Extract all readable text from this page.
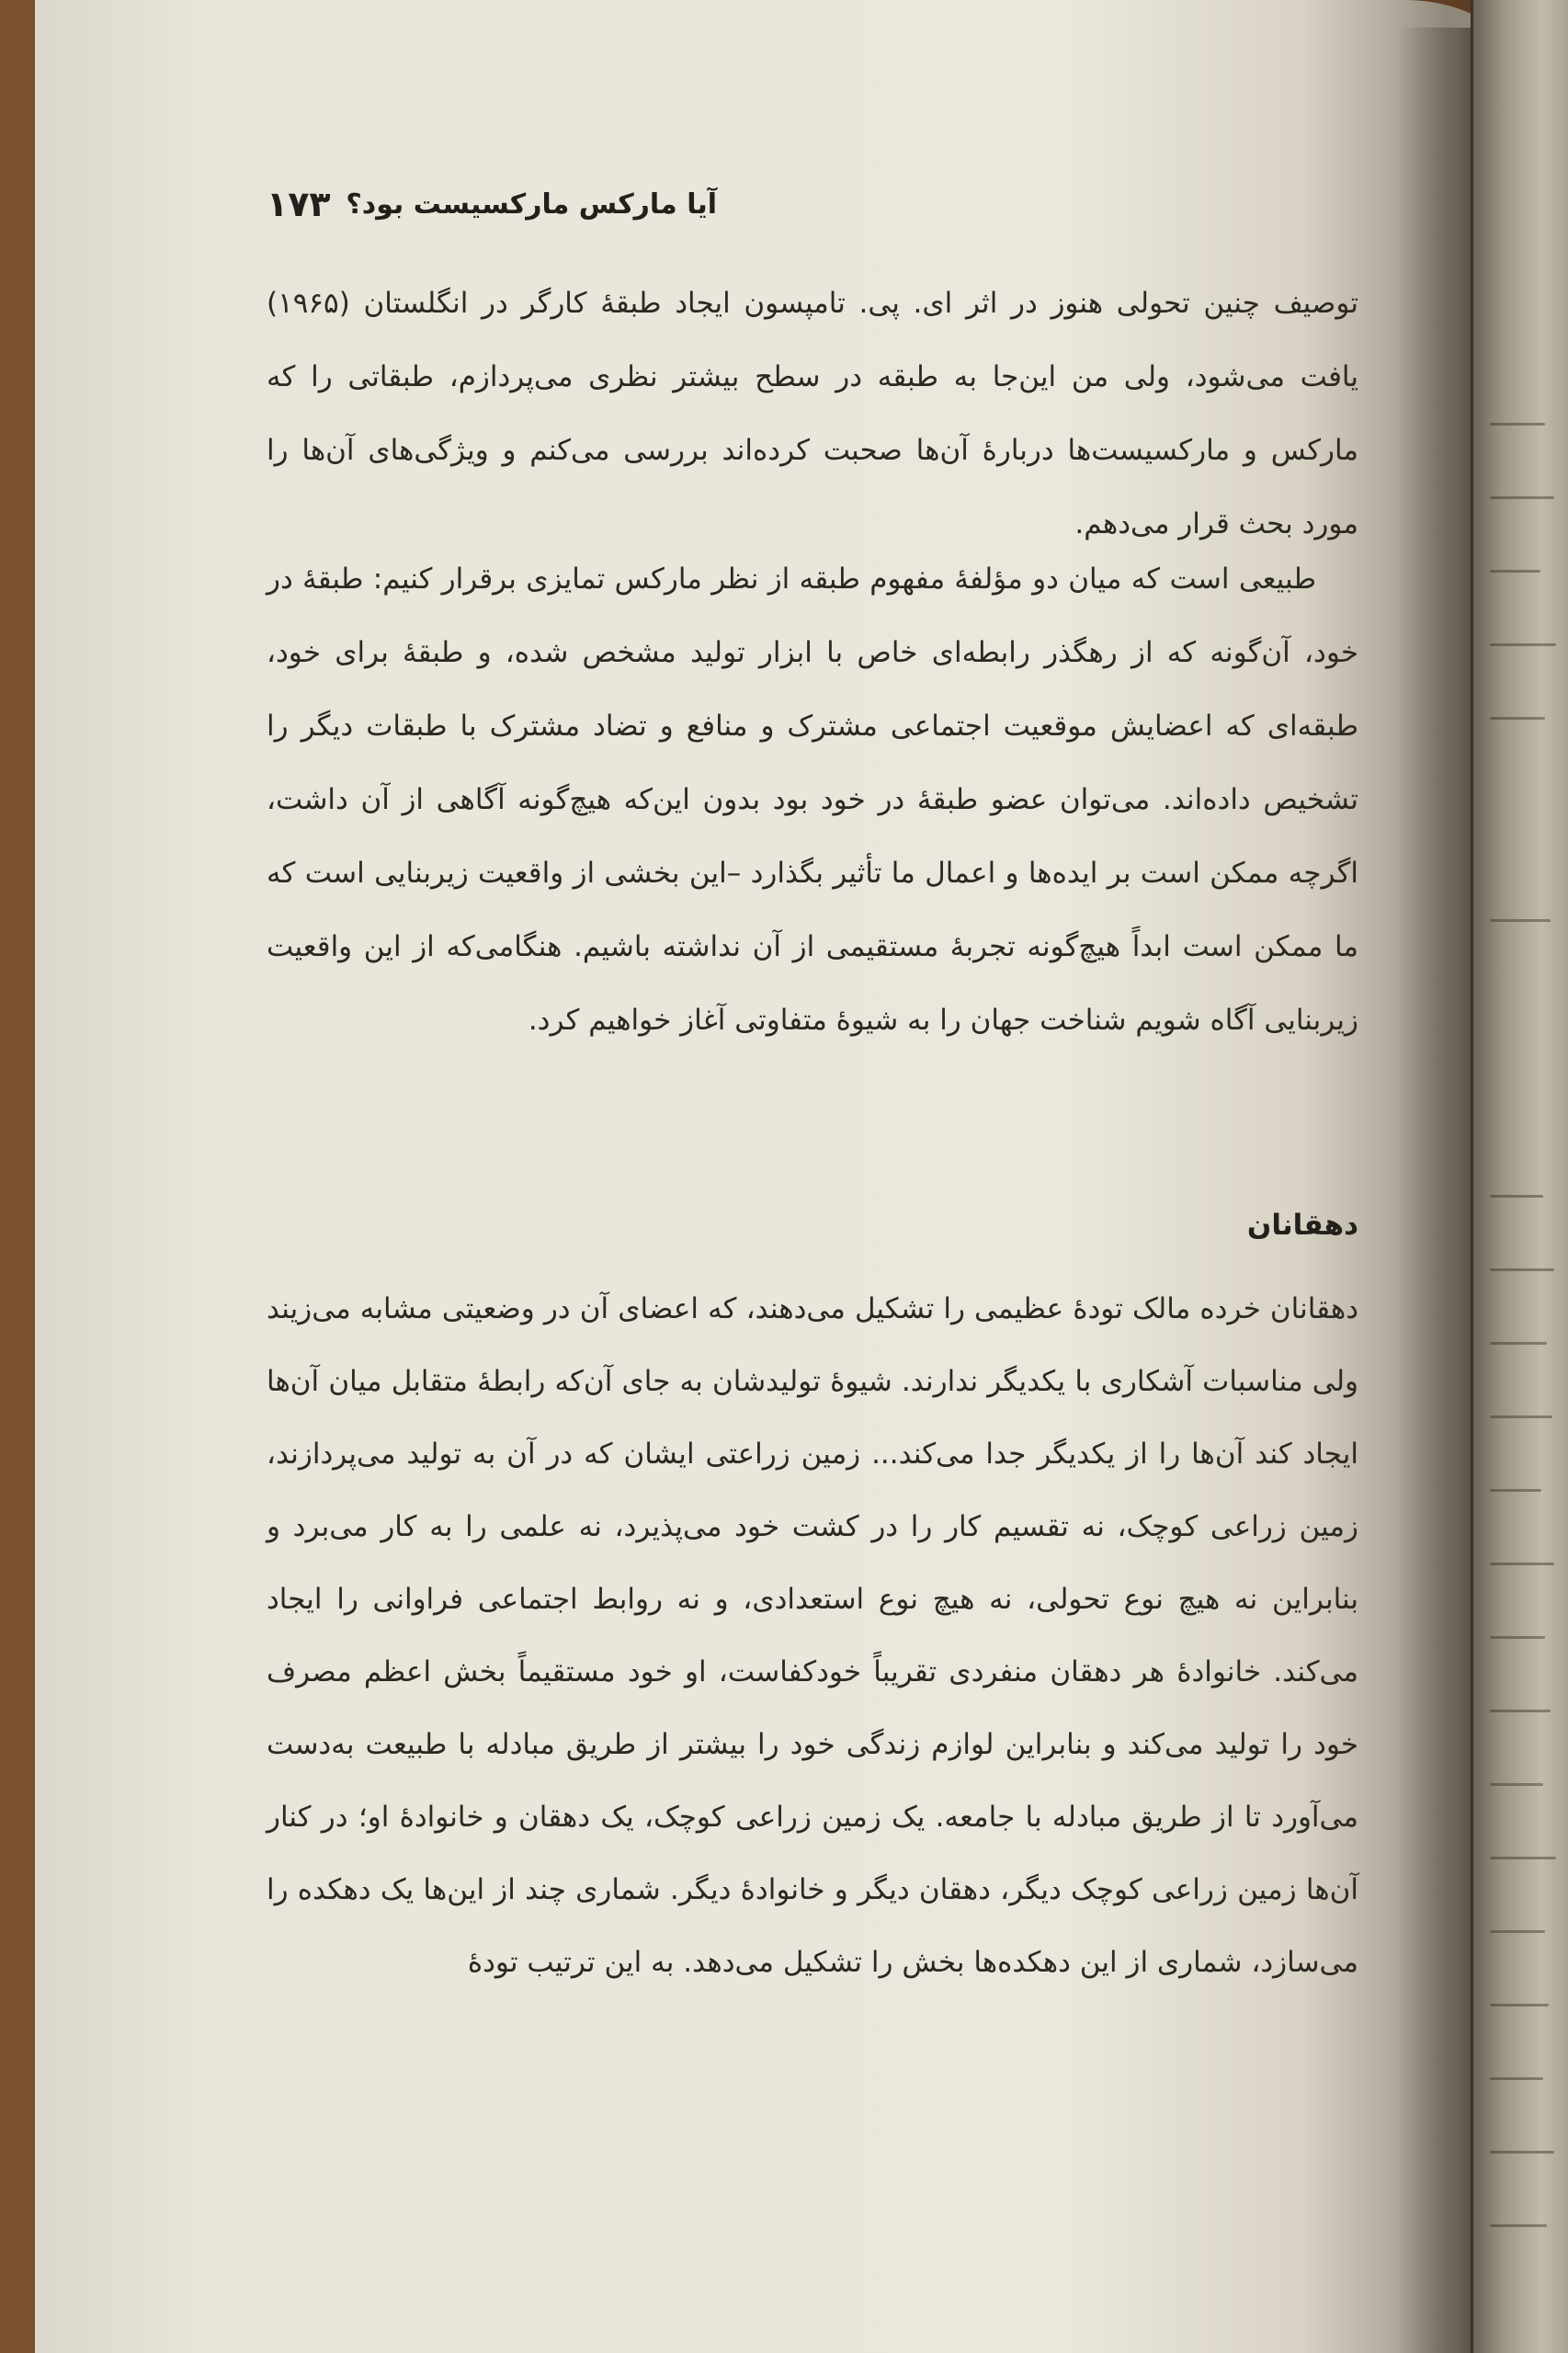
آیا مارکس مارکسیست بود؟
۱۷۳

توصیف چنین تحولی هنوز در اثر ای. پی. تامپسون ایجاد طبقهٔ کارگر در انگلستان (۱۹۶۵) یافت می‌شود، ولی من این‌جا به طبقه در سطح بیشتر نظری می‌پردازم، طبقاتی را که مارکس و مارکسیست‌ها دربارهٔ آن‌ها صحبت کرده‌اند بررسی می‌کنم و ویژگی‌های آن‌ها را مورد بحث قرار می‌دهم.

طبیعی است که میان دو مؤلفهٔ مفهوم طبقه از نظر مارکس تمایزی برقرار کنیم: طبقهٔ در خود، آن‌گونه که از رهگذر رابطه‌ای خاص با ابزار تولید مشخص شده، و طبقهٔ برای خود، طبقه‌ای که اعضایش موقعیت اجتماعی مشترک و منافع و تضاد مشترک با طبقات دیگر را تشخیص داده‌اند. می‌توان عضو طبقهٔ در خود بود بدون این‌که هیچ‌گونه آگاهی از آن داشت، اگرچه ممکن است بر ایده‌ها و اعمال ما تأثیر بگذارد –این بخشی از واقعیت زیربنایی است که ما ممکن است ابداً هیچ‌گونه تجربهٔ مستقیمی از آن نداشته باشیم. هنگامی‌که از این واقعیت زیربنایی آگاه شویم شناخت جهان را به شیوهٔ متفاوتی آغاز خواهیم کرد.

دهقانان

دهقانان خرده مالک تودهٔ عظیمی را تشکیل می‌دهند، که اعضای آن در وضعیتی مشابه می‌زیند ولی مناسبات آشکاری با یکدیگر ندارند. شیوهٔ تولیدشان به جای آن‌که رابطهٔ متقابل میان آن‌ها ایجاد کند آن‌ها را از یکدیگر جدا می‌کند... زمین زراعتی ایشان که در آن به تولید می‌پردازند، زمین زراعی کوچک، نه تقسیم کار را در کشت خود می‌پذیرد، نه علمی را به کار می‌برد و بنابراین نه هیچ نوع تحولی، نه هیچ نوع استعدادی، و نه روابط اجتماعی فراوانی را ایجاد می‌کند. خانوادهٔ هر دهقان منفردی تقریباً خودکفاست، او خود مستقیماً بخش اعظم مصرف خود را تولید می‌کند و بنابراین لوازم زندگی خود را بیشتر از طریق مبادله با طبیعت به‌دست می‌آورد تا از طریق مبادله با جامعه. یک زمین زراعی کوچک، یک دهقان و خانوادهٔ او؛ در کنار آن‌ها زمین زراعی کوچک دیگر، دهقان دیگر و خانوادهٔ دیگر. شماری چند از این‌ها یک دهکده را می‌سازد، شماری از این دهکده‌ها بخش را تشکیل می‌دهد. به این ترتیب تودهٔ
